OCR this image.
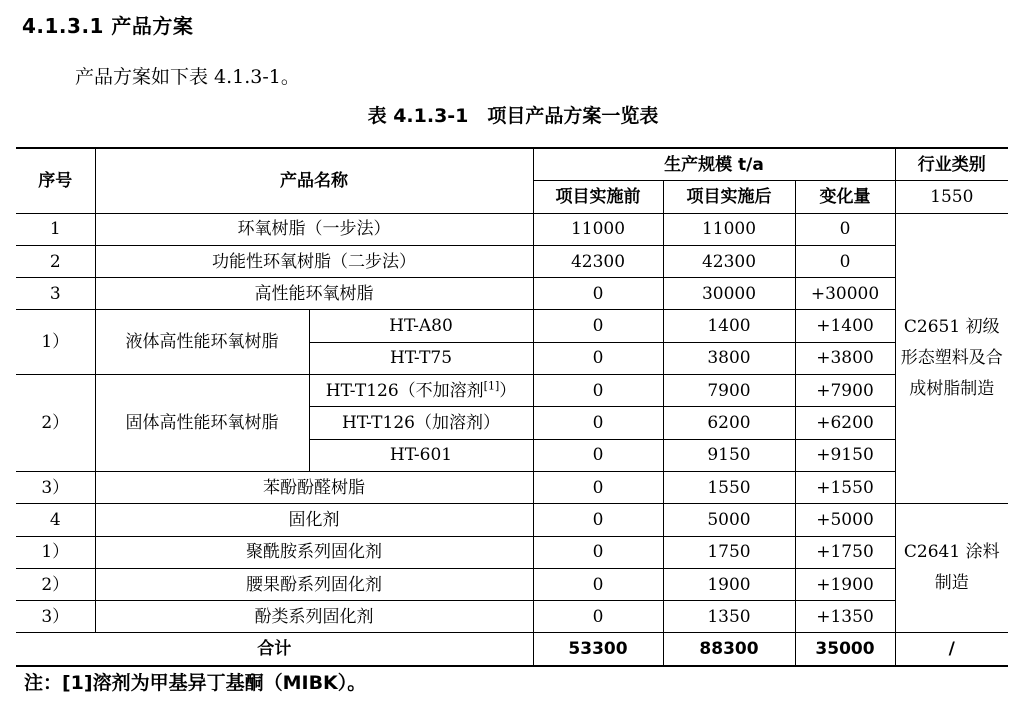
4.1.3.1 产品方案
产品方案如下表 4.1.3-1。
表 4.1.3-1　项目产品方案一览表
序号	产品名称		生产规模 t/a			行业类别
			项目实施前	项目实施后	变化量	1550
1	环氧树脂（一步法）		11000	11000	0	C2651 初级形态塑料及合成树脂制造
2	功能性环氧树脂（二步法）		42300	42300	0	
3	高性能环氧树脂		0	30000	+30000	
1）	液体高性能环氧树脂	HT-A80	0	1400	+1400	
		HT-T75	0	3800	+3800	
2）	固体高性能环氧树脂	HT-T126（不加溶剂[1]）	0	7900	+7900	
		HT-T126（加溶剂）	0	6200	+6200	
		HT-601	0	9150	+9150	
3）	苯酚酚醛树脂		0	1550	+1550	
4	固化剂		0	5000	+5000	C2641 涂料制造
1）	聚酰胺系列固化剂		0	1750	+1750	
2）	腰果酚系列固化剂		0	1900	+1900	
3）	酚类系列固化剂		0	1350	+1350	
合计			53300	88300	35000	/
注：[1]溶剂为甲基异丁基酮（MIBK）。
